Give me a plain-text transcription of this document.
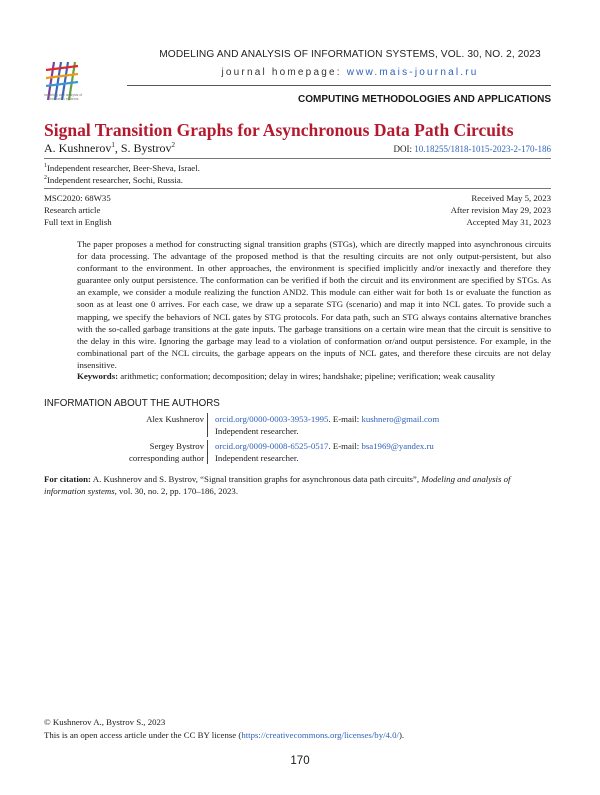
modeling and analysis of information systems
MODELING AND ANALYSIS OF INFORMATION SYSTEMS, VOL. 30, NO. 2, 2023
journal homepage: www.mais-journal.ru
COMPUTING METHODOLOGIES AND APPLICATIONS
Signal Transition Graphs for Asynchronous Data Path Circuits
A. Kushnerov$^1$, S. Bystrov$^2$	DOI: 10.18255/1818-1015-2023-2-170-186
$^1$Independent researcher, Beer-Sheva, Israel.
$^2$Independent researcher, Sochi, Russia.
MSC2020: 68W35
Research article
Full text in English
Received May 5, 2023
After revision May 29, 2023
Accepted May 31, 2023
The paper proposes a method for constructing signal transition graphs (STGs), which are directly mapped into asynchronous circuits for data processing. The advantage of the proposed method is that the resulting circuits are not only output-persistent, but also conformant to the environment. In other approaches, the environment is specified implicitly and/or inexactly and therefore they guarantee only output persistence. The conformation can be verified if both the circuit and its environment are specified by STGs. As an example, we consider a module realizing the function AND2. This module can either wait for both 1s or evaluate the function as soon as at least one 0 arrives. For each case, we draw up a separate STG (scenario) and map it into NCL gates. To provide such a mapping, we specify the behaviors of NCL gates by STG protocols. For data path, such an STG always contains alternative branches with the so-called garbage transitions at the gate inputs. The garbage transitions on a certain wire mean that the circuit is sensitive to the delay in this wire. Ignoring the garbage may lead to a violation of conformation or/and output persistence. For example, in the combinational part of the NCL circuits, the garbage appears on the inputs of NCL gates, and therefore these circuits are not delay insensitive.
Keywords: arithmetic; conformation; decomposition; delay in wires; handshake; pipeline; verification; weak causality
INFORMATION ABOUT THE AUTHORS
Alex Kushnerov orcid.org/0000-0003-3953-1995. E-mail: kushnero@gmail.com
Independent researcher.
Sergey Bystrov
corresponding author
orcid.org/0009-0008-6525-0517. E-mail: bsa1969@yandex.ru
Independent researcher.
For citation: A. Kushnerov and S. Bystrov, “Signal transition graphs for asynchronous data path circuits”, Modeling and analysis of information systems, vol. 30, no. 2, pp. 170–186, 2023.
© Kushnerov A., Bystrov S., 2023
This is an open access article under the CC BY license (https://creativecommons.org/licenses/by/4.0/).
170
